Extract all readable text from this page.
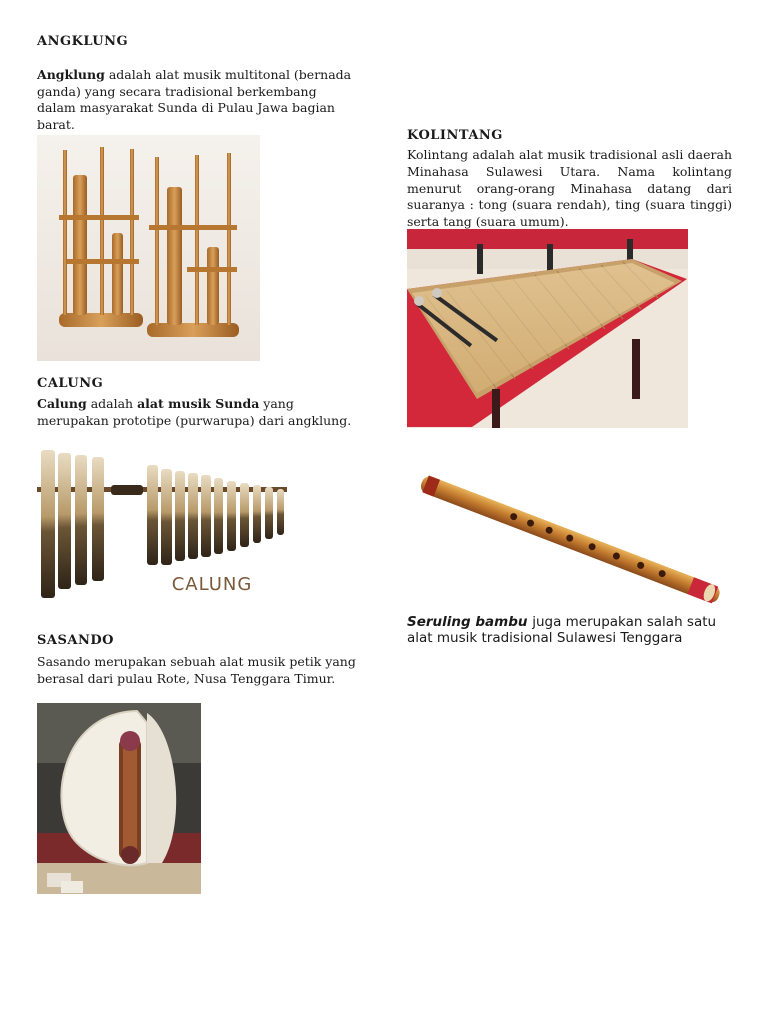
ANGKLUNG
Angklung adalah alat musik multitonal (bernada ganda) yang secara tradisional berkembang dalam masyarakat Sunda di Pulau Jawa bagian barat.
CALUNG
Calung adalah alat musik Sunda yang merupakan prototipe (purwarupa) dari angklung.
CALUNG
SASANDO
Sasando merupakan sebuah alat musik petik yang berasal dari pulau Rote, Nusa Tenggara Timur.
KOLINTANG
Kolintang adalah alat musik tradisional asli daerah Minahasa Sulawesi Utara. Nama kolintang menurut orang-orang Minahasa datang dari suaranya : tong (suara rendah), ting (suara tinggi) serta tang (suara umum).
Seruling bambu juga merupakan salah satu alat musik tradisional Sulawesi Tenggara
